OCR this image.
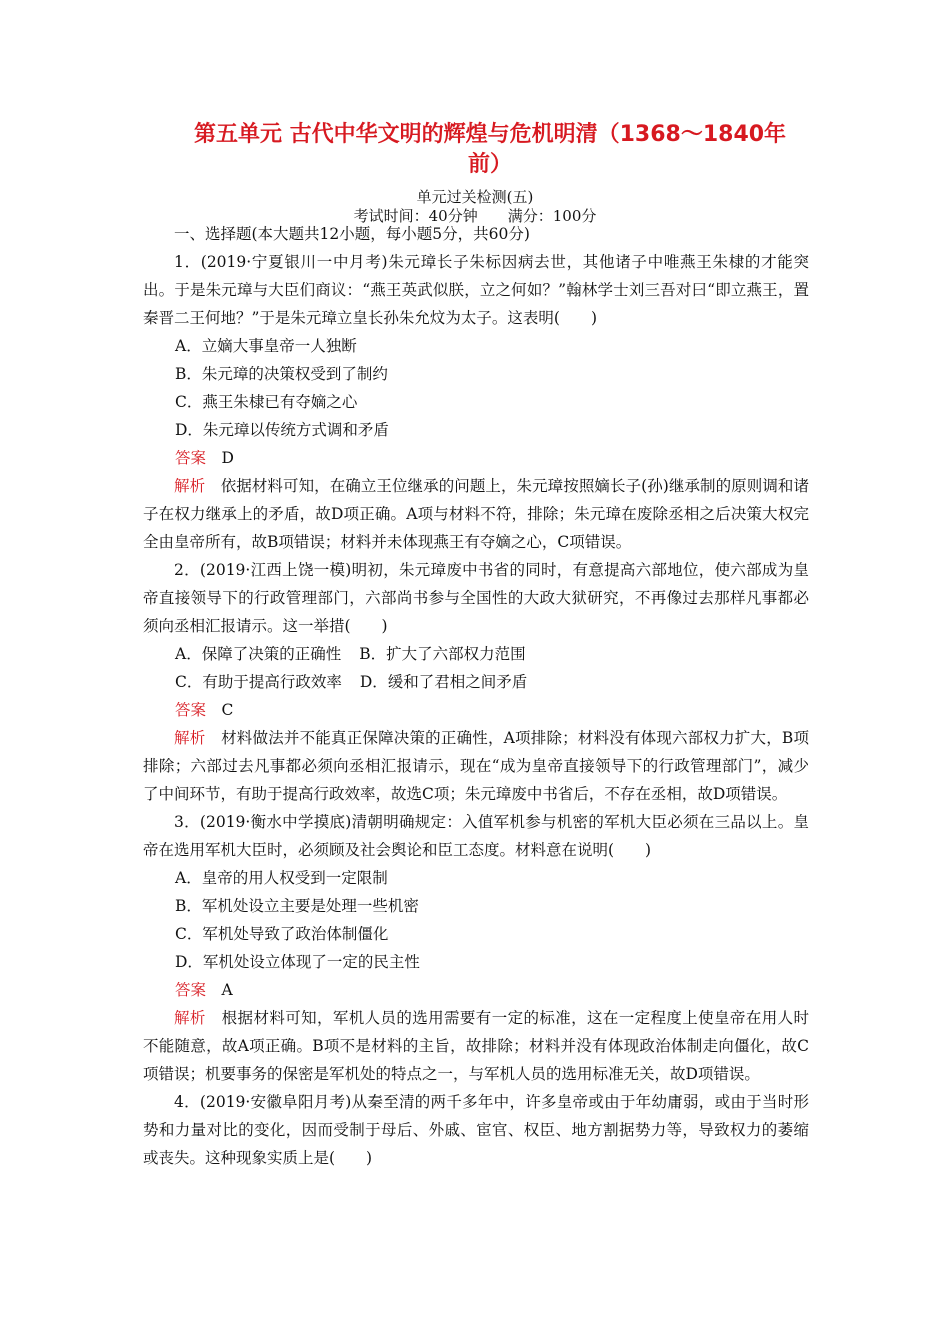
第五单元 古代中华文明的辉煌与危机明清（1368～1840年前）
单元过关检测(五)
考试时间：40分钟　　满分：100分

一、选择题(本大题共12小题，每小题5分，共60分)

1．(2019·宁夏银川一中月考)朱元璋长子朱标因病去世，其他诸子中唯燕王朱棣的才能突出。于是朱元璋与大臣们商议：“燕王英武似朕，立之何如？”翰林学士刘三吾对曰“即立燕王，置秦晋二王何地？”于是朱元璋立皇长孙朱允炆为太子。这表明(　　)

A．立嫡大事皇帝一人独断

B．朱元璋的决策权受到了制约

C．燕王朱棣已有夺嫡之心

D．朱元璋以传统方式调和矛盾

答案　 D

解析　 依据材料可知，在确立王位继承的问题上，朱元璋按照嫡长子(孙)继承制的原则调和诸子在权力继承上的矛盾，故D项正确。A项与材料不符，排除；朱元璋在废除丞相之后决策大权完全由皇帝所有，故B项错误；材料并未体现燕王有夺嫡之心，C项错误。

2．(2019·江西上饶一模)明初，朱元璋废中书省的同时，有意提高六部地位，使六部成为皇帝直接领导下的行政管理部门，六部尚书参与全国性的大政大狱研究，不再像过去那样凡事都必须向丞相汇报请示。这一举措(　　)

A．保障了决策的正确性 B．扩大了六部权力范围

C．有助于提高行政效率 D．缓和了君相之间矛盾

答案　 C

解析　 材料做法并不能真正保障决策的正确性，A项排除；材料没有体现六部权力扩大，B项排除；六部过去凡事都必须向丞相汇报请示，现在“成为皇帝直接领导下的行政管理部门”，减少了中间环节，有助于提高行政效率，故选C项；朱元璋废中书省后，不存在丞相，故D项错误。

3．(2019·衡水中学摸底)清朝明确规定：入值军机参与机密的军机大臣必须在三品以上。皇帝在选用军机大臣时，必须顾及社会舆论和臣工态度。材料意在说明(　　)

A．皇帝的用人权受到一定限制

B．军机处设立主要是处理一些机密

C．军机处导致了政治体制僵化

D．军机处设立体现了一定的民主性

答案　 A

解析　 根据材料可知，军机人员的选用需要有一定的标准，这在一定程度上使皇帝在用人时不能随意，故A项正确。B项不是材料的主旨，故排除；材料并没有体现政治体制走向僵化，故C项错误；机要事务的保密是军机处的特点之一，与军机人员的选用标准无关，故D项错误。

4．(2019·安徽阜阳月考)从秦至清的两千多年中，许多皇帝或由于年幼庸弱，或由于当时形势和力量对比的变化，因而受制于母后、外戚、宦官、权臣、地方割据势力等，导致权力的萎缩或丧失。这种现象实质上是(　　)
